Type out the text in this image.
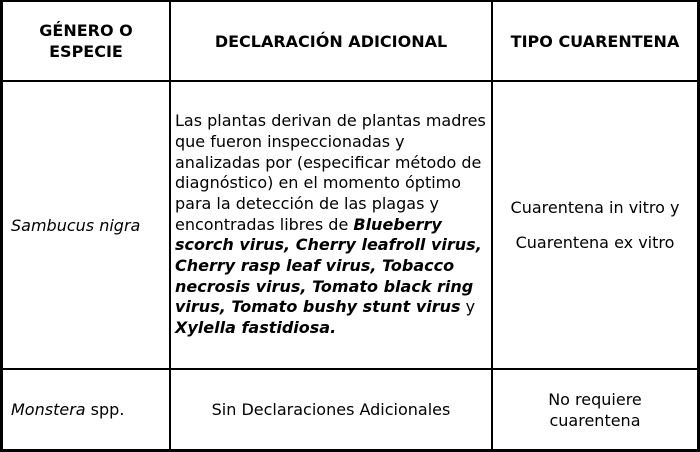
GÉNERO O
ESPECIE
DECLARACIÓN ADICIONAL	TIPO CUARENTENA
Sambucus nigra
Las plantas derivan de plantas madres que fueron inspeccionadas y analizadas por (especificar método de diagnóstico) en el momento óptimo para la detección de las plagas y encontradas libres de Blueberry scorch virus, Cherry leafroll virus, Cherry rasp leaf virus, Tobacco necrosis virus, Tomato black ring virus, Tomato bushy stunt virus y Xylella fastidiosa.
Cuarentena in vitro y
Cuarentena ex vitro
Monstera spp.	Sin Declaraciones Adicionales
No requiere
cuarentena
